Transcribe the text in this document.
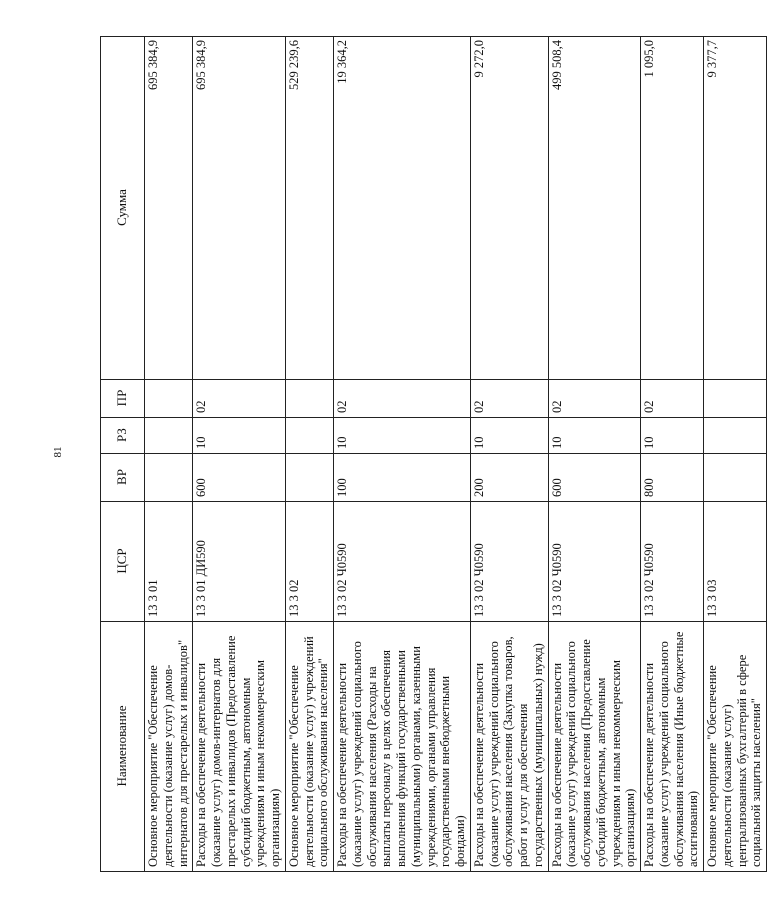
81
Наименование	ЦСР	ВР	РЗ	ПР	Сумма
Основное мероприятие "Обеспечение деятельности (оказание услуг) домов-интернатов для престарелых и инвалидов"	13 3 01				695 384,9
Расходы на обеспечение деятельности (оказание услуг) домов-интернатов для престарелых и инвалидов (Предоставление субсидий бюджетным, автономным учреждениям и иным некоммерческим организациям)	13 3 01 ДИ590	600	10	02	695 384,9
Основное мероприятие "Обеспечение деятельности (оказание услуг) учреждений социального обслуживания населения"	13 3 02				529 239,6
Расходы на обеспечение деятельности (оказание услуг) учреждений социального обслуживания населения (Расходы на выплаты персоналу в целях обеспечения выполнения функций государственными (муниципальными) органами, казенными учреждениями, органами управления государственными внебюджетными фондами)	13 3 02 Ч0590	100	10	02	19 364,2
Расходы на обеспечение деятельности (оказание услуг) учреждений социального обслуживания населения (Закупка товаров, работ и услуг для обеспечения государственных (муниципальных) нужд)	13 3 02 Ч0590	200	10	02	9 272,0
Расходы на обеспечение деятельности (оказание услуг) учреждений социального обслуживания населения (Предоставление субсидий бюджетным, автономным учреждениям и иным некоммерческим организациям)	13 3 02 Ч0590	600	10	02	499 508,4
Расходы на обеспечение деятельности (оказание услуг) учреждений социального обслуживания населения (Иные бюджетные ассигнования)	13 3 02 Ч0590	800	10	02	1 095,0
Основное мероприятие "Обеспечение деятельности (оказание услуг) централизованных бухгалтерий в сфере социальной защиты населения"	13 3 03				9 377,7
